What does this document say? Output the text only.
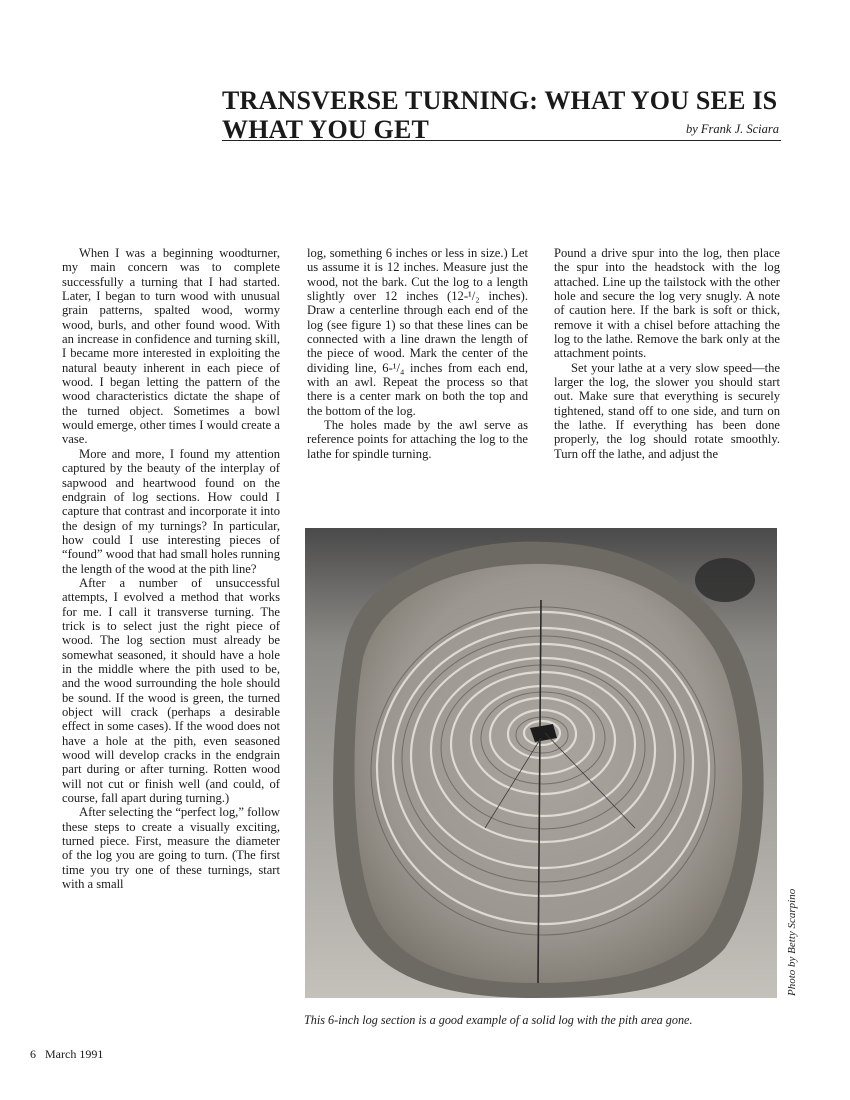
TRANSVERSE TURNING: WHAT YOU SEE IS
WHAT YOU GET	by Frank J. Sciara

When I was a beginning woodturner, my main concern was to complete successfully a turning that I had started. Later, I began to turn wood with unusual grain patterns, spalted wood, wormy wood, burls, and other found wood. With an increase in confidence and turning skill, I became more interested in exploiting the natural beauty inherent in each piece of wood. I began letting the pattern of the wood characteristics dictate the shape of the turned object. Sometimes a bowl would emerge, other times I would create a vase.

More and more, I found my attention captured by the beauty of the interplay of sapwood and heartwood found on the endgrain of log sections. How could I capture that contrast and incorporate it into the design of my turnings? In particular, how could I use interesting pieces of “found” wood that had small holes running the length of the wood at the pith line?

After a number of unsuccessful attempts, I evolved a method that works for me. I call it transverse turning. The trick is to select just the right piece of wood. The log section must already be somewhat seasoned, it should have a hole in the middle where the pith used to be, and the wood surrounding the hole should be sound. If the wood is green, the turned object will crack (perhaps a desirable effect in some cases). If the wood does not have a hole at the pith, even seasoned wood will develop cracks in the endgrain part during or after turning. Rotten wood will not cut or finish well (and could, of course, fall apart during turning.)

After selecting the “perfect log,” follow these steps to create a visually exciting, turned piece. First, measure the diameter of the log you are going to turn. (The first time you try one of these turnings, start with a small

log, something 6 inches or less in size.) Let us assume it is 12 inches. Measure just the wood, not the bark. Cut the log to a length slightly over 12 inches (12-¹/₂ inches). Draw a centerline through each end of the log (see figure 1) so that these lines can be connected with a line drawn the length of the piece of wood. Mark the center of the dividing line, 6-¹/₄ inches from each end, with an awl. Repeat the process so that there is a center mark on both the top and the bottom of the log.

The holes made by the awl serve as reference points for attaching the log to the lathe for spindle turning.

Pound a drive spur into the log, then place the spur into the headstock with the log attached. Line up the tailstock with the other hole and secure the log very snugly. A note of caution here. If the bark is soft or thick, remove it with a chisel before attaching the log to the lathe. Remove the bark only at the attachment points.

Set your lathe at a very slow speed—the larger the log, the slower you should start out. Make sure that everything is securely tightened, stand off to one side, and turn on the lathe. If everything has been done properly, the log should rotate smoothly. Turn off the lathe, and adjust the

This 6-inch log section is a good example of a solid log with the pith area gone.
Photo by Betty Scarpino
6 March 1991
